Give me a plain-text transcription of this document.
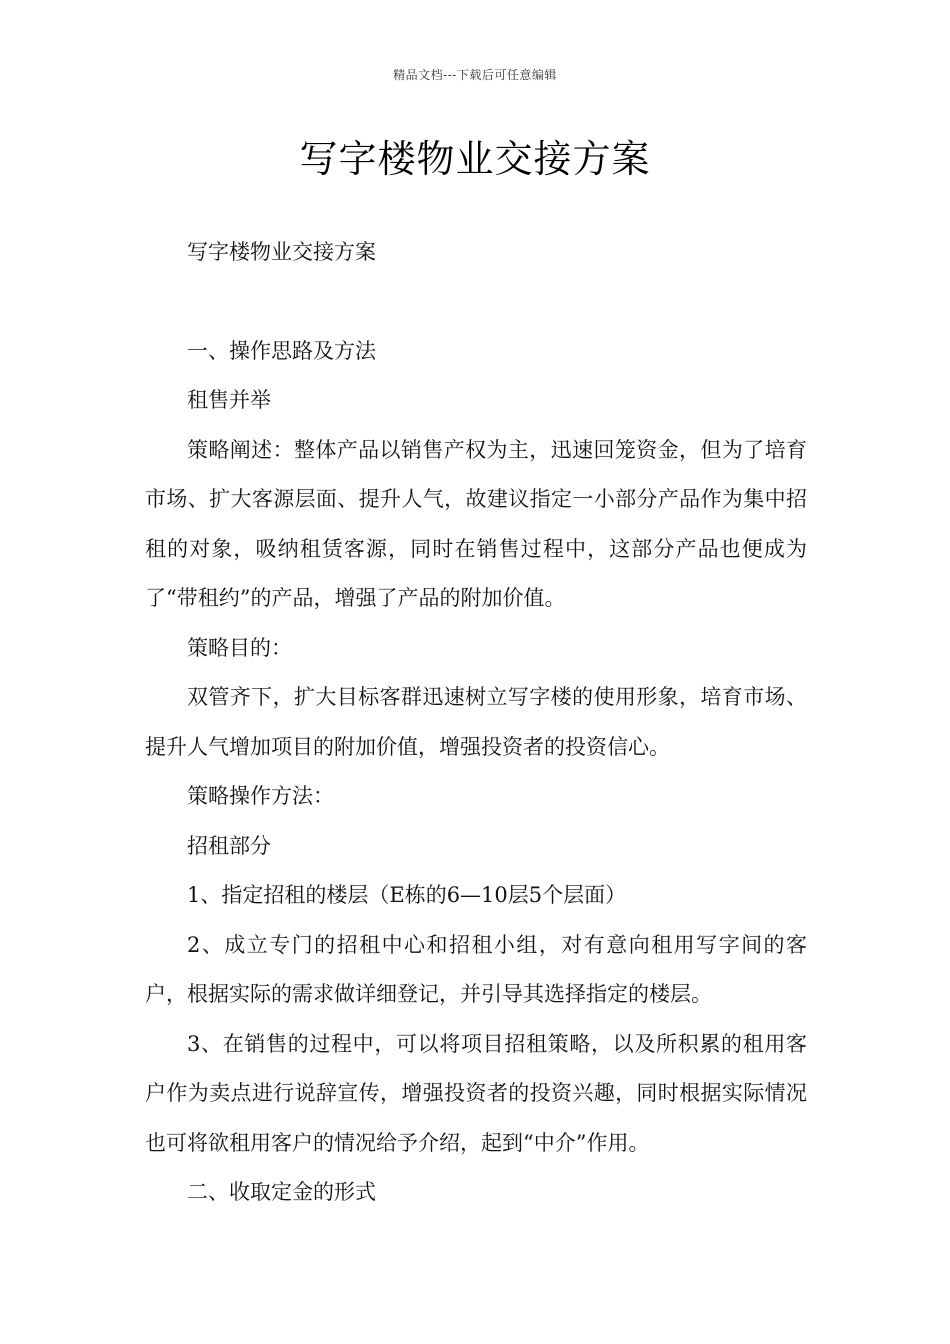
精品文档---下载后可任意编辑
写字楼物业交接方案

写字楼物业交接方案

一、操作思路及方法

租售并举

策略阐述：整体产品以销售产权为主，迅速回笼资金，但为了培育市场、扩大客源层面、提升人气，故建议指定一小部分产品作为集中招租的对象，吸纳租赁客源，同时在销售过程中，这部分产品也便成为了“带租约”的产品，增强了产品的附加价值。

策略目的：

双管齐下，扩大目标客群迅速树立写字楼的使用形象，培育市场、提升人气增加项目的附加价值，增强投资者的投资信心。

策略操作方法：

招租部分

1、指定招租的楼层（E栋的6—10层5个层面）

2、成立专门的招租中心和招租小组，对有意向租用写字间的客户，根据实际的需求做详细登记，并引导其选择指定的楼层。

3、在销售的过程中，可以将项目招租策略，以及所积累的租用客户作为卖点进行说辞宣传，增强投资者的投资兴趣，同时根据实际情况也可将欲租用客户的情况给予介绍，起到“中介”作用。

二、收取定金的形式
